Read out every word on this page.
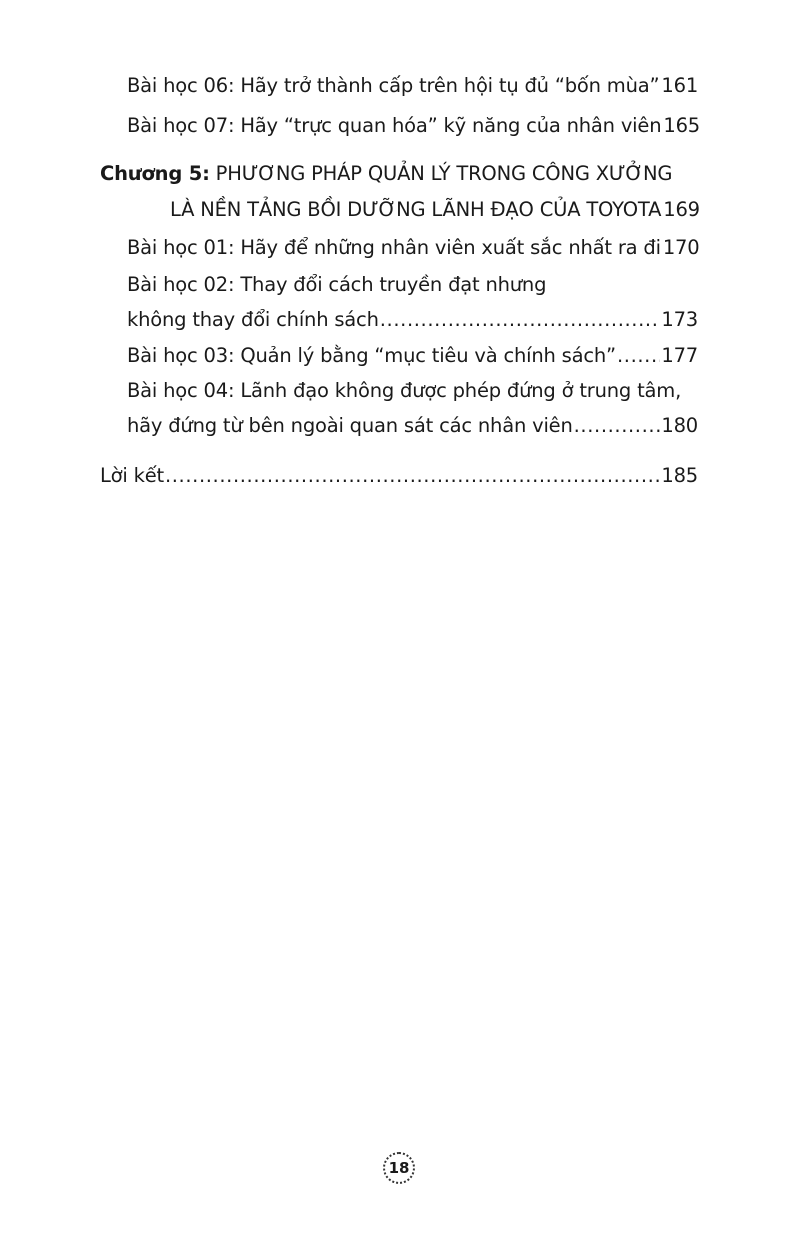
Bài học 06: Hãy trở thành cấp trên hội tụ đủ “bốn mùa” 161
Bài học 07: Hãy “trực quan hóa” kỹ năng của nhân viên 165
Chương 5: PHƯƠNG PHÁP QUẢN LÝ TRONG CÔNG XƯỞNG
LÀ NỀN TẢNG BỒI DƯỠNG LÃNH ĐẠO CỦA TOYOTA 169
Bài học 01: Hãy để những nhân viên xuất sắc nhất ra đi 170
Bài học 02: Thay đổi cách truyền đạt nhưng
không thay đổi chính sách .....	173
Bài học 03: Quản lý bằng “mục tiêu và chính sách” ..... 177
Bài học 04: Lãnh đạo không được phép đứng ở trung tâm,
hãy đứng từ bên ngoài quan sát các nhân viên .....	180
Lời kết .....	185
18
